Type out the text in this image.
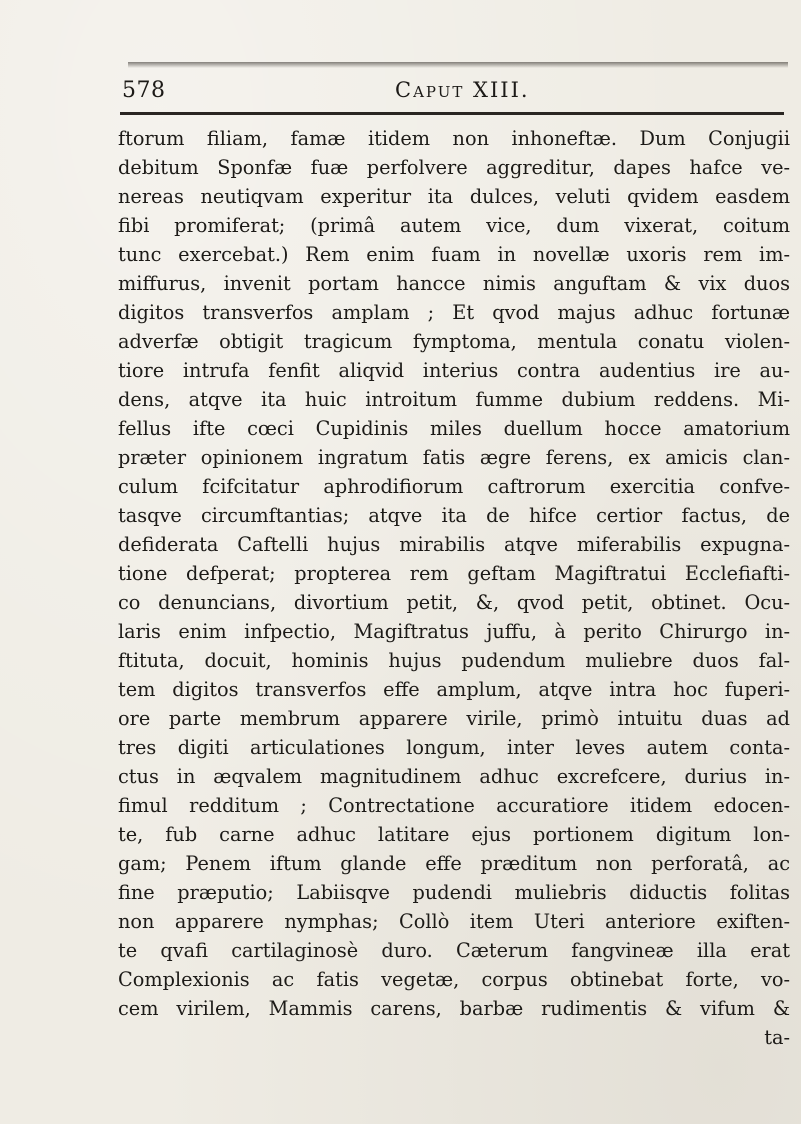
578	Caput XIII.
ftorum filiam, famæ itidem non inhoneftæ. Dum Conjugii
debitum Sponfæ fuæ perfolvere aggreditur, dapes hafce ve-
nereas neutiqvam experitur ita dulces, veluti qvidem easdem
fibi promiferat; (primâ autem vice, dum vixerat, coitum
tunc exercebat.) Rem enim fuam in novellæ uxoris rem im-
miffurus, invenit portam hancce nimis anguftam & vix duos
digitos transverfos amplam ; Et qvod majus adhuc fortunæ
adverfæ obtigit tragicum fymptoma, mentula conatu violen-
tiore intrufa fenfit aliqvid interius contra audentius ire au-
dens, atqve ita huic introitum fumme dubium reddens. Mi-
fellus ifte cœci Cupidinis miles duellum hocce amatorium
præter opinionem ingratum fatis ægre ferens, ex amicis clan-
culum fcifcitatur aphrodifiorum caftrorum exercitia confve-
tasqve circumftantias; atqve ita de hifce certior factus, de
defiderata Caftelli hujus mirabilis atqve miferabilis expugna-
tione defperat; propterea rem geftam Magiftratui Ecclefiafti-
co denuncians, divortium petit, &, qvod petit, obtinet. Ocu-
laris enim infpectio, Magiftratus juffu, à perito Chirurgo in-
ftituta, docuit, hominis hujus pudendum muliebre duos fal-
tem digitos transverfos effe amplum, atqve intra hoc fuperi-
ore parte membrum apparere virile, primò intuitu duas ad
tres digiti articulationes longum, inter leves autem conta-
ctus in æqvalem magnitudinem adhuc excrefcere, durius in-
fimul redditum ; Contrectatione accuratiore itidem edocen-
te, fub carne adhuc latitare ejus portionem digitum lon-
gam; Penem iftum glande effe præditum non perforatâ, ac
fine præputio; Labiisqve pudendi muliebris diductis folitas
non apparere nymphas; Collò item Uteri anteriore exiften-
te qvafi cartilaginosè duro. Cæterum fangvineæ illa erat
Complexionis ac fatis vegetæ, corpus obtinebat forte, vo-
cem virilem, Mammis carens, barbæ rudimentis & vifum &
ta-
